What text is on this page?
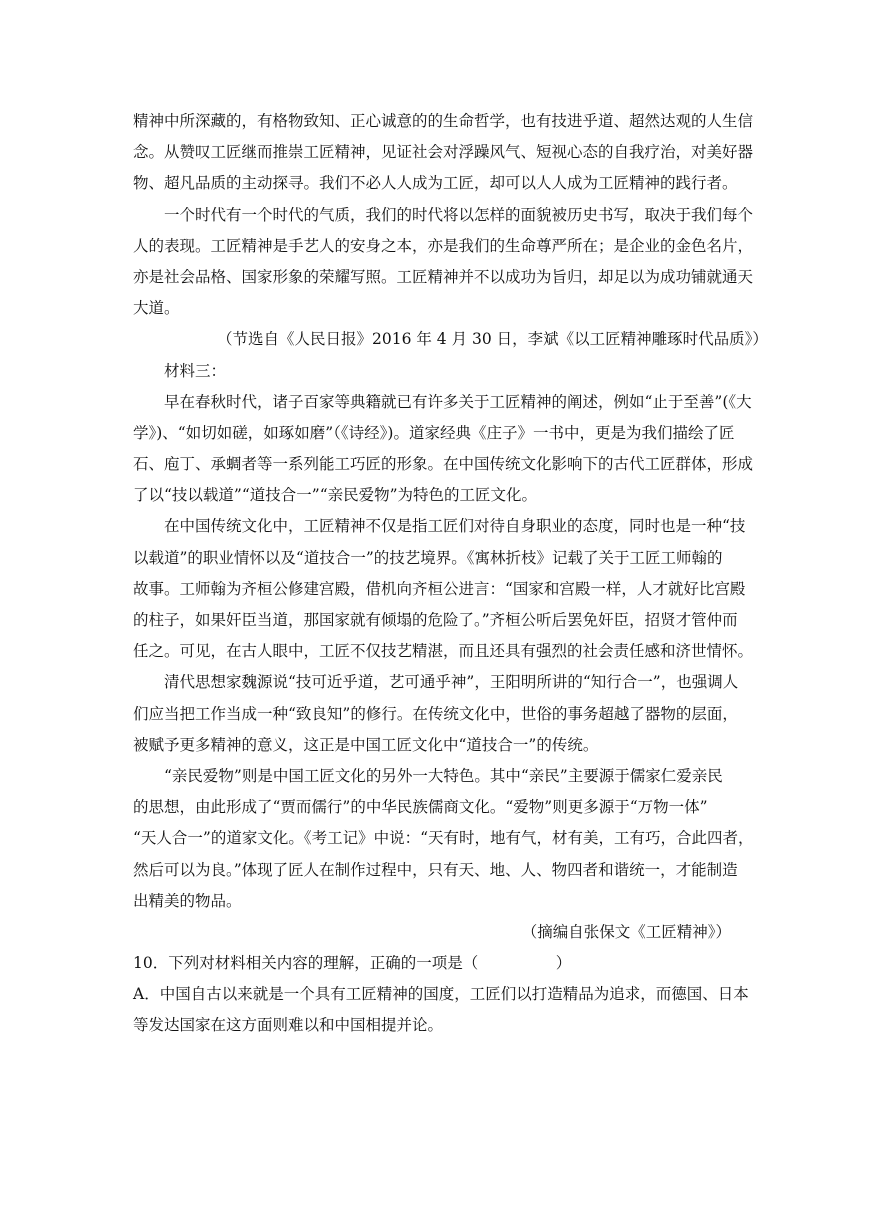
精神中所深藏的，有格物致知、正心诚意的的生命哲学，也有技进乎道、超然达观的人生信

念。从赞叹工匠继而推崇工匠精神，见证社会对浮躁风气、短视心态的自我疗治，对美好器

物、超凡品质的主动探寻。我们不必人人成为工匠，却可以人人成为工匠精神的践行者。

一个时代有一个时代的气质，我们的时代将以怎样的面貌被历史书写，取决于我们每个

人的表现。工匠精神是手艺人的安身之本，亦是我们的生命尊严所在；是企业的金色名片，

亦是社会品格、国家形象的荣耀写照。工匠精神并不以成功为旨归，却足以为成功铺就通天

大道。

（节选自《人民日报》2016 年 4 月 30 日，李斌《以工匠精神雕琢时代品质》）

材料三：

早在春秋时代，诸子百家等典籍就已有许多关于工匠精神的阐述，例如“止于至善”(《大

学》)、“如切如磋，如琢如磨”（《诗经》)。道家经典《庄子》一书中，更是为我们描绘了匠

石、庖丁、承蜩者等一系列能工巧匠的形象。在中国传统文化影响下的古代工匠群体，形成

了以“技以载道”“道技合一”“亲民爱物”为特色的工匠文化。

在中国传统文化中，工匠精神不仅是指工匠们对待自身职业的态度，同时也是一种“技

以载道”的职业情怀以及“道技合一”的技艺境界。《寓林折枝》记载了关于工匠工师翰的

故事。工师翰为齐桓公修建宫殿，借机向齐桓公进言：“国家和宫殿一样，人才就好比宫殿

的柱子，如果奸臣当道，那国家就有倾塌的危险了。”齐桓公听后罢免奸臣，招贤才管仲而

任之。可见，在古人眼中，工匠不仅技艺精湛，而且还具有强烈的社会责任感和济世情怀。

清代思想家魏源说“技可近乎道，艺可通乎神”，王阳明所讲的“知行合一”，也强调人

们应当把工作当成一种“致良知”的修行。在传统文化中，世俗的事务超越了器物的层面，

被赋予更多精神的意义，这正是中国工匠文化中“道技合一”的传统。

“亲民爱物”则是中国工匠文化的另外一大特色。其中“亲民”主要源于儒家仁爱亲民

的思想，由此形成了“贾而儒行”的中华民族儒商文化。“爱物”则更多源于“万物一体”

“天人合一”的道家文化。《考工记》中说：“天有时，地有气，材有美，工有巧，合此四者，

然后可以为良。”体现了匠人在制作过程中，只有天、地、人、物四者和谐统一，才能制造

出精美的物品。

（摘编自张保文《工匠精神》）

10．下列对材料相关内容的理解，正确的一项是（　　　　　）

A．中国自古以来就是一个具有工匠精神的国度，工匠们以打造精品为追求，而德国、日本

等发达国家在这方面则难以和中国相提并论。
